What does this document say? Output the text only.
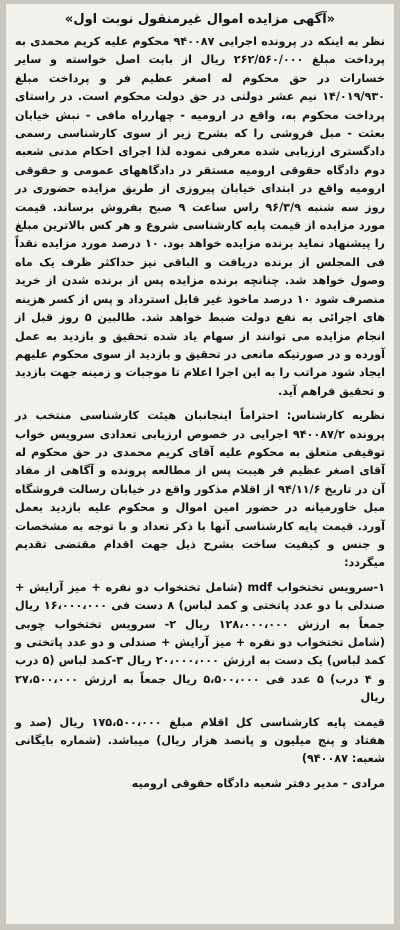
«آگهی مزایده اموال غیرمنقول نوبت اول»

نظر به اینکه در پرونده اجرایی ۹۴۰۰۸۷ محکوم علیه کریم محمدی به پرداخت مبلغ ۲۶۲/۵۶۰/۰۰۰ ریال از بابت اصل خواسته و سایر خسارات در حق محکوم له اصغر عظیم فر و پرداخت مبلغ ۱۴/۰۱۹/۹۳۰ نیم عشر دولتی در حق دولت محکوم است. در راستای پرداخت محکوم به، واقع در ارومیه - چهارراه مافی - نبش خیابان بعثت - مبل فروشی را که بشرح زیر از سوی کارشناسی رسمی دادگستری ارزیابی شده معرفی نموده لذا اجرای احکام مدنی شعبه دوم دادگاه حقوقی ارومیه مستقر در دادگاههای عمومی و حقوقی ارومیه واقع در ابتدای خیابان پیروزی از طریق مزایده حضوری در روز سه شنبه ۹۶/۳/۹ راس ساعت ۹ صبح بفروش برساند. قیمت مورد مزایده از قیمت پایه کارشناسی شروع و هر کس بالاترین مبلغ را پیشنهاد نماید برنده مزایده خواهد بود. ۱۰ درصد مورد مزایده نقداً فی المجلس از برنده دریافت و الباقی نیز حداکثر ظرف یک ماه وصول خواهد شد. چنانچه برنده مزایده پس از برنده شدن از خرید منصرف شود ۱۰ درصد ماخوذ غیر قابل استرداد و پس از کسر هزینه های اجرائی به نفع دولت ضبط خواهد شد. طالبین ۵ روز قبل از انجام مزایده می توانند از سهام یاد شده تحقیق و بازدید به عمل آورده و در صورتیکه مانعی در تحقیق و بازدید از سوی محکوم علیهم ایجاد شود مراتب را به این اجرا اعلام تا موجبات و زمینه جهت بازدید و تحقیق فراهم آید.

نظریه کارشناس: احتراماً اینجانبان هیئت کارشناسی منتخب در پرونده ۹۴۰۰۸۷/۲ اجرایی در خصوص ارزیابی تعدادی سرویس خواب توقیفی متعلق به محکوم علیه آقای کریم محمدی در حق محکوم له آقای اصغر عظیم فر هیبت پس از مطالعه پرونده و آگاهی از مفاد آن در تاریخ ۹۴/۱۱/۶ از اقلام مذکور واقع در خیابان رسالت فروشگاه مبل خاورمیانه در حضور امین اموال و محکوم علیه بازدید بعمل آورد. قیمت پایه کارشناسی آنها با ذکر تعداد و با توجه به مشخصات و جنس و کیفیت ساخت بشرح ذیل جهت اقدام مقتضی تقدیم میگردد:

۱-سرویس تختخواب mdf (شامل تختخواب دو نفره + میز آرایش + صندلی با دو عدد پاتختی و کمد لباس) ۸ دست فی ۱۶،۰۰۰،۰۰۰ ریال جمعاً به ارزش ۱۲۸،۰۰۰،۰۰۰ ریال ۲- سرویس تختخواب چوبی (شامل تختخواب دو نفره + میز آرایش + صندلی و دو عدد پاتختی و کمد لباس) یک دست به ارزش ۲۰،۰۰۰،۰۰۰ ریال ۳-کمد لباس (۵ درب و ۴ درب) ۵ عدد فی ۵،۵۰۰،۰۰۰ ریال جمعاً به ارزش ۲۷،۵۰۰،۰۰۰ ریال

قیمت پایه کارشناسی کل اقلام مبلغ ۱۷۵،۵۰۰،۰۰۰ ریال (صد و هفتاد و پنج میلیون و پانصد هزار ریال) میباشد. (شماره بایگانی شعبه: ۹۴۰۰۸۷)

مرادی - مدیر دفتر شعبه دادگاه حقوقی ارومیه
